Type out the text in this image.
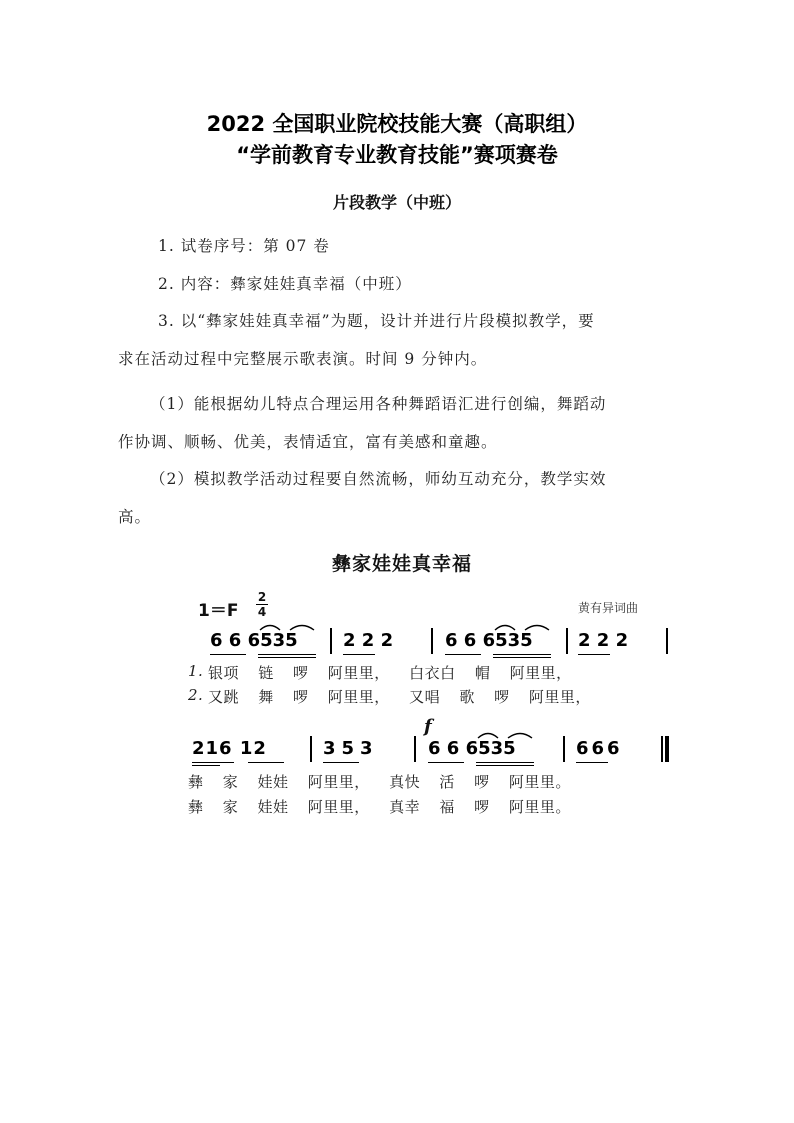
2022 全国职业院校技能大赛（高职组）
“学前教育专业教育技能”赛项赛卷
片段教学（中班）
1. 试卷序号：第 07 卷
2. 内容：彝家娃娃真幸福（中班）
3. 以“彝家娃娃真幸福”为题，设计并进行片段模拟教学，要
求在活动过程中完整展示歌表演。时间 9 分钟内。
（1）能根据幼儿特点合理运用各种舞蹈语汇进行创编，舞蹈动
作协调、顺畅、优美，表情适宜，富有美感和童趣。
（2）模拟教学活动过程要自然流畅，师幼互动充分，教学实效
高。
彝家娃娃真幸福
1＝F
2
4	黄有异词曲
6 6 6535	2 2 2	6 6 6535	2 2 2
1. 银项 链 啰 阿里里， 白衣白 帽 阿里里，
2. 又跳 舞 啰 阿里里， 又唱 歌 啰 阿里里，
f
216 12	353	6 6 6535	666
彝 家 娃娃 阿里里， 真快 活 啰 阿里里。
彝 家 娃娃 阿里里， 真幸 福 啰 阿里里。
